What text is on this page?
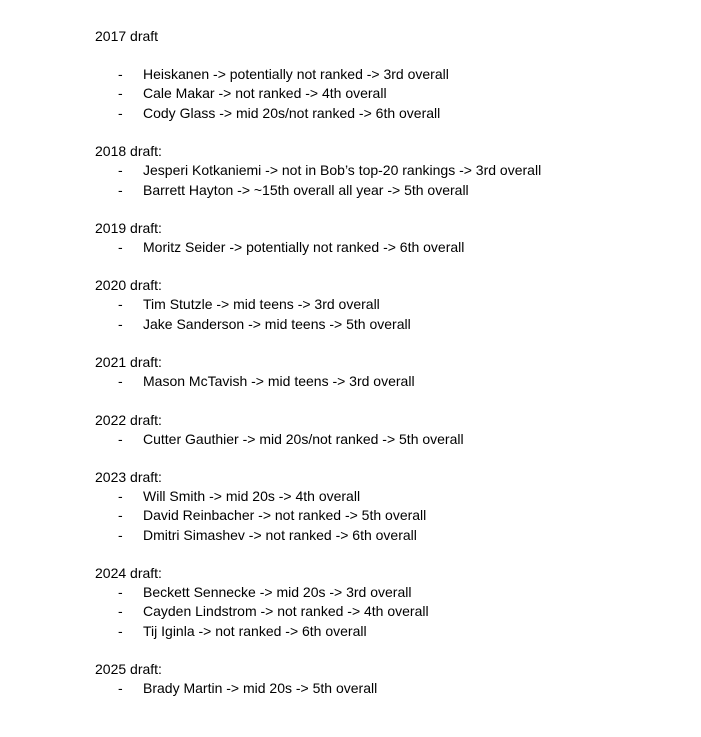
2017 draft
- Heiskanen -> potentially not ranked -> 3rd overall
- Cale Makar -> not ranked -> 4th overall
- Cody Glass -> mid 20s/not ranked -> 6th overall
2018 draft:
- Jesperi Kotkaniemi -> not in Bob’s top-20 rankings -> 3rd overall
- Barrett Hayton -> ~15th overall all year -> 5th overall
2019 draft:
- Moritz Seider -> potentially not ranked -> 6th overall
2020 draft:
- Tim Stutzle -> mid teens -> 3rd overall
- Jake Sanderson -> mid teens -> 5th overall
2021 draft:
- Mason McTavish -> mid teens -> 3rd overall
2022 draft:
- Cutter Gauthier -> mid 20s/not ranked -> 5th overall
2023 draft:
- Will Smith -> mid 20s -> 4th overall
- David Reinbacher -> not ranked -> 5th overall
- Dmitri Simashev -> not ranked -> 6th overall
2024 draft:
- Beckett Sennecke -> mid 20s -> 3rd overall
- Cayden Lindstrom -> not ranked -> 4th overall
- Tij Iginla -> not ranked -> 6th overall
2025 draft:
- Brady Martin -> mid 20s -> 5th overall
